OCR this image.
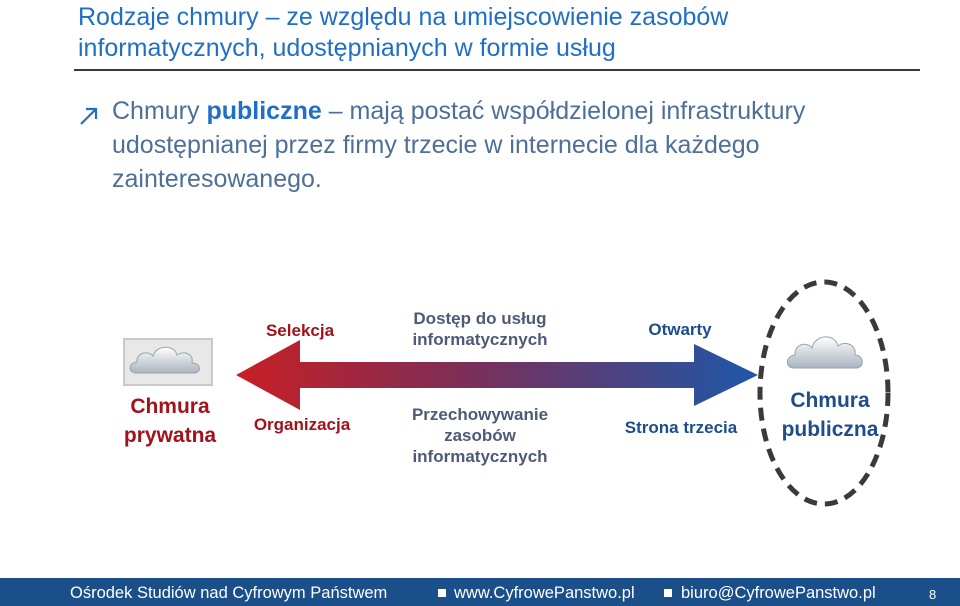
Rodzaje chmury – ze względu na umiejscowienie zasobów
informatycznych, udostępnianych w formie usług
Chmury publiczne – mają postać współdzielonej infrastruktury udostępnianej przez firmy trzecie w internecie dla każdego zainteresowanego.
Chmura
prywatna
Chmura
publiczna
Selekcja
Dostęp do usług
informatycznych
Otwarty
Organizacja
Przechowywanie
zasobów
informatycznych
Strona trzecia
Ośrodek Studiów nad Cyfrowym Państwem	www.CyfrowePanstwo.pl	biuro@CyfrowePanstwo.pl	8
